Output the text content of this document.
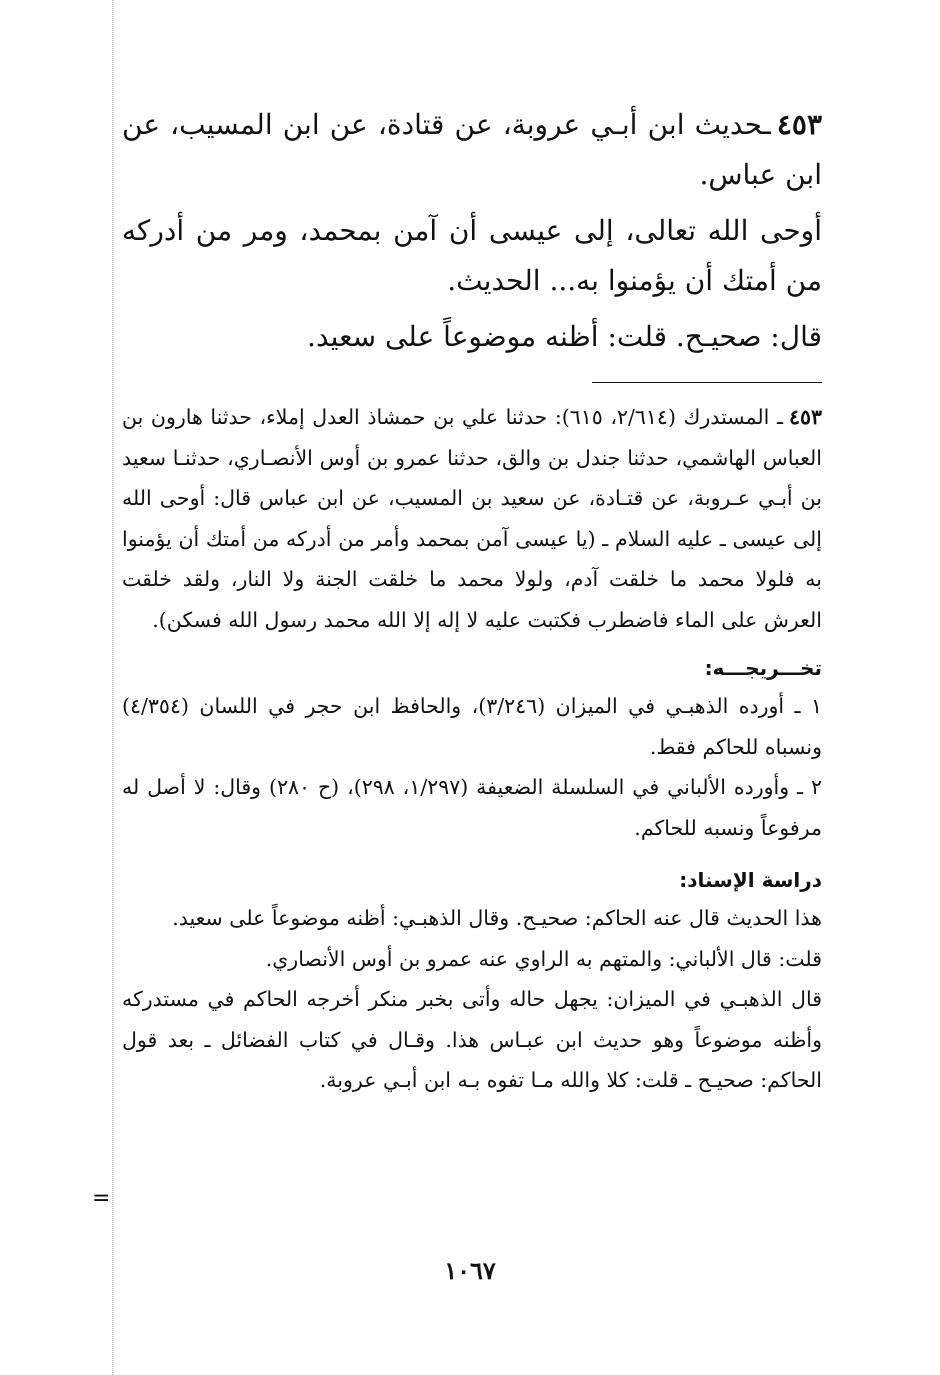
=

٤٥٣ـحديث ابن أبـي عروبة، عن قتادة، عن ابن المسيب، عن ابن عباس.

أوحى الله تعالى، إلى عيسى أن آمن بمحمد، ومر من أدركه من أمتك أن يؤمنوا به... الحديث.

قال: صحيـح. قلت: أظنه موضوعاً على سعيد.

٤٥٣ـ المستدرك (٢/٦١٤، ٦١٥): حدثنا علي بن حمشاذ العدل إملاء، حدثنا هارون بن العباس الهاشمي، حدثنا جندل بن والق، حدثنا عمرو بن أوس الأنصـاري، حدثنـا سعيد بن أبـي عـروبة، عن قتـادة، عن سعيد بن المسيب، عن ابن عباس قال: أوحى الله إلى عيسى ـ عليه السلام ـ (يا عيسى آمن بمحمد وأمر من أدركه من أمتك أن يؤمنوا به فلولا محمد ما خلقت آدم، ولولا محمد ما خلقت الجنة ولا النار، ولقد خلقت العرش على الماء فاضطرب فكتبت عليه لا إله إلا الله محمد رسول الله فسكن).

تخـــريجـــه:

١ ـ أورده الذهبـي في الميزان (٣/٢٤٦)، والحافظ ابن حجر في اللسان (٤/٣٥٤) ونسباه للحاكم فقط.

٢ ـ وأورده الألباني في السلسلة الضعيفة (١/٢٩٧، ٢٩٨)، (ح ٢٨٠) وقال: لا أصل له مرفوعاً ونسبه للحاكم.

دراسة الإسناد:

هذا الحديث قال عنه الحاكم: صحيـح. وقال الذهبـي: أظنه موضوعاً على سعيد.

قلت: قال الألباني: والمتهم به الراوي عنه عمرو بن أوس الأنصاري.

قال الذهبـي في الميزان: يجهل حاله وأتى بخبر منكر أخرجه الحاكم في مستدركه وأظنه موضوعاً وهو حديث ابن عبـاس هذا. وقـال في كتاب الفضائل ـ بعد قول الحاكم: صحيـح ـ قلت: كلا والله مـا تفوه بـه ابن أبـي عروبة.

١٠٦٧
